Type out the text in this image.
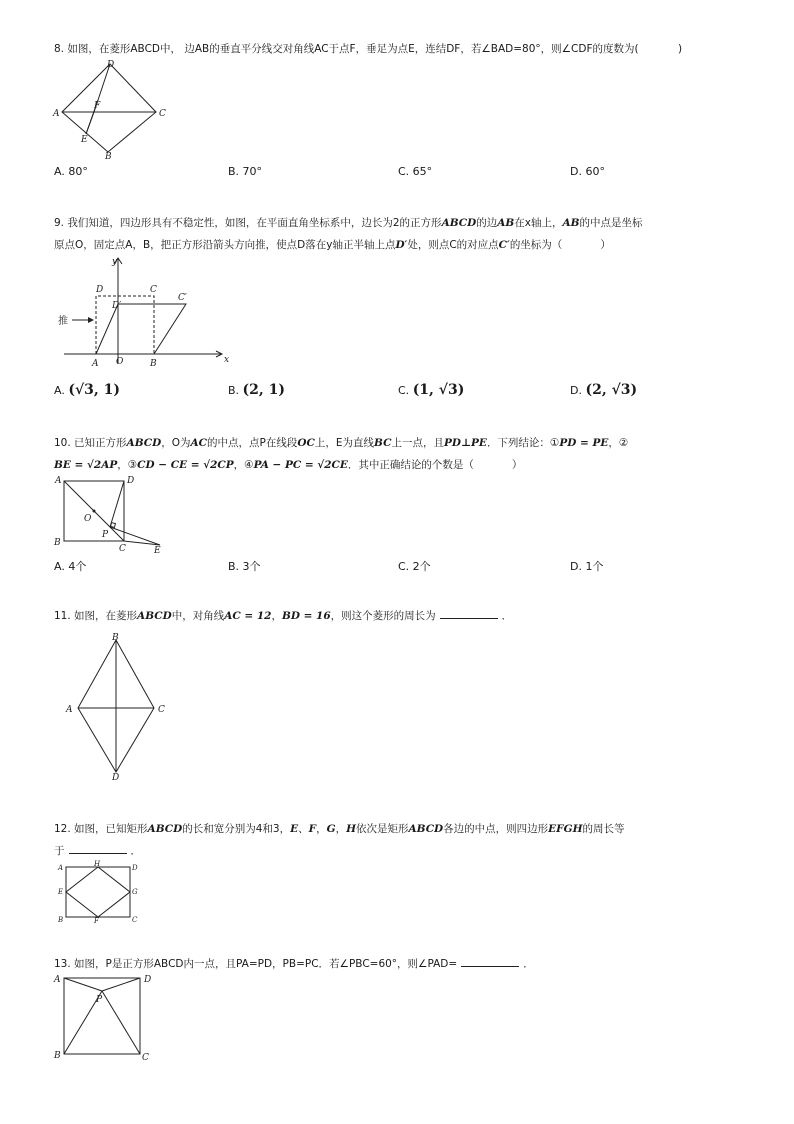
8. 如图，在菱形ABCD中， 边AB的垂直平分线交对角线AC于点F，垂足为点E，连结DF，若∠BAD=80°，则∠CDF的度数为(	)
D
A
F
C
E
B
A. 80°	B. 70°	C. 65°	D. 60°
9. 我们知道，四边形具有不稳定性，如图，在平面直角坐标系中，边长为2的正方形ABCD的边AB在x轴上，AB的中点是坐标
原点O，固定点A，B，把正方形沿箭头方向推，使点D落在y轴正半轴上点D′处，则点C的对应点C′的坐标为（	）
y
D	C
C′
D′
推
A O	B	x
A. (√3, 1)	B. (2, 1)	C. (1, √3)	D. (2, √3)
10. 已知正方形ABCD，O为AC的中点，点P在线段OC上，E为直线BC上一点，且PD⊥PE．下列结论：①PD = PE，②
BE = √2AP，③CD − CE = √2CP，④PA − PC = √2CE．其中正确结论的个数是（	）
A	D
O
P
B
C	E
A. 4个	B. 3个	C. 2个	D. 1个
11. 如图，在菱形ABCD中，对角线AC = 12，BD = 16，则这个菱形的周长为	．
B
A	C
D
12. 如图，已知矩形ABCD的长和宽分别为4和3，E、F，G，H依次是矩形ABCD各边的中点，则四边形EFGH的周长等
于	．
A	H	D
E	G
B	F	C
13. 如图，P是正方形ABCD内一点，且PA=PD，PB=PC．若∠PBC=60°，则∠PAD=	．
A	D
P
B	C
